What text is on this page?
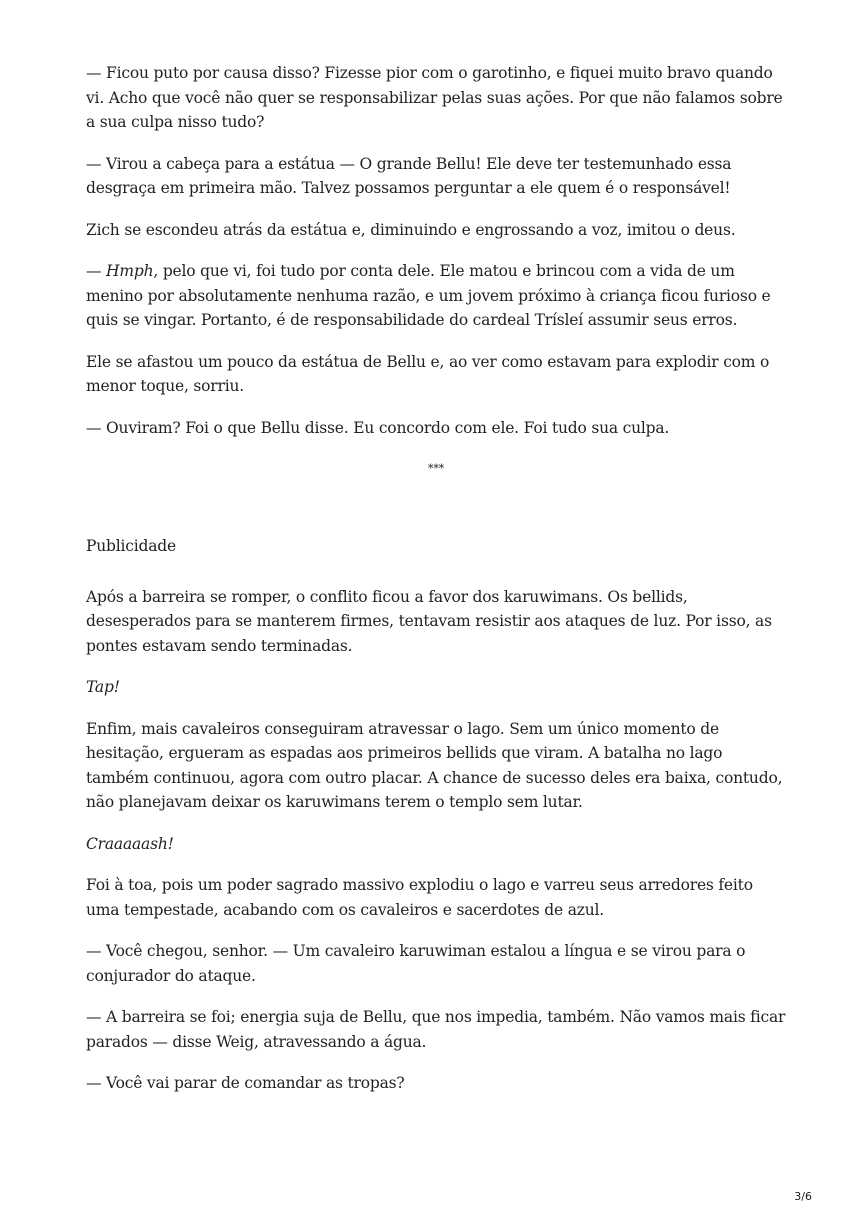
— Ficou puto por causa disso? Fizesse pior com o garotinho, e fiquei muito bravo quando vi. Acho que você não quer se responsabilizar pelas suas ações. Por que não falamos sobre a sua culpa nisso tudo?

— Virou a cabeça para a estátua — O grande Bellu! Ele deve ter testemunhado essa desgraça em primeira mão. Talvez possamos perguntar a ele quem é o responsável!

Zich se escondeu atrás da estátua e, diminuindo e engrossando a voz, imitou o deus.

— Hmph, pelo que vi, foi tudo por conta dele. Ele matou e brincou com a vida de um menino por absolutamente nenhuma razão, e um jovem próximo à criança ficou furioso e quis se vingar. Portanto, é de responsabilidade do cardeal Trísleí assumir seus erros.

Ele se afastou um pouco da estátua de Bellu e, ao ver como estavam para explodir com o menor toque, sorriu.

— Ouviram? Foi o que Bellu disse. Eu concordo com ele. Foi tudo sua culpa.

***

Publicidade

Após a barreira se romper, o conflito ficou a favor dos karuwimans. Os bellids, desesperados para se manterem firmes, tentavam resistir aos ataques de luz. Por isso, as pontes estavam sendo terminadas.

Tap!

Enfim, mais cavaleiros conseguiram atravessar o lago. Sem um único momento de hesitação, ergueram as espadas aos primeiros bellids que viram. A batalha no lago também continuou, agora com outro placar. A chance de sucesso deles era baixa, contudo, não planejavam deixar os karuwimans terem o templo sem lutar.

Craaaaash!

Foi à toa, pois um poder sagrado massivo explodiu o lago e varreu seus arredores feito uma tempestade, acabando com os cavaleiros e sacerdotes de azul.

— Você chegou, senhor. — Um cavaleiro karuwiman estalou a língua e se virou para o conjurador do ataque.

— A barreira se foi; energia suja de Bellu, que nos impedia, também. Não vamos mais ficar parados — disse Weig, atravessando a água.

— Você vai parar de comandar as tropas?

3/6
